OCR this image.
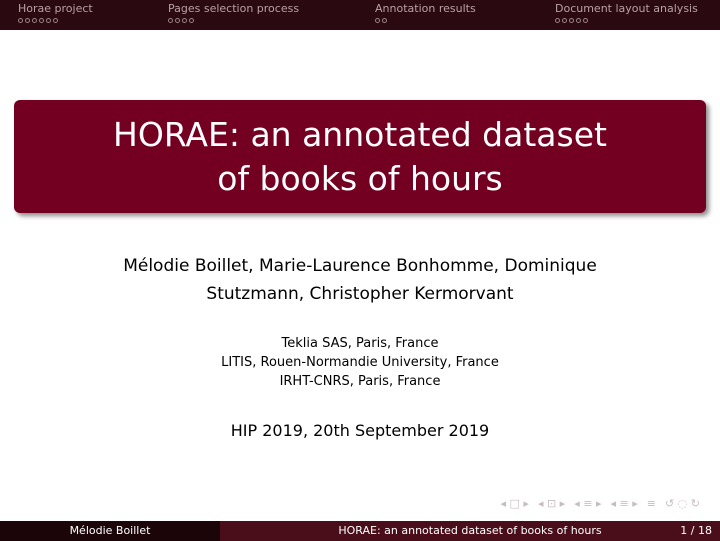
Horae project	Pages selection process	Annotation results	Document layout analysis
HORAE: an annotated dataset
of books of hours
Mélodie Boillet, Marie-Laurence Bonhomme, Dominique
Stutzmann, Christopher Kermorvant
Teklia SAS, Paris, France
LITIS, Rouen-Normandie University, France
IRHT-CNRS, Paris, France
HIP 2019, 20th September 2019
◂ □ ▸ ◂ ⊡ ▸ ◂ ≡ ▸ ◂ ≡ ▸ ≡ ↺ ◌ ↻
Mélodie Boillet	HORAE: an annotated dataset of books of hours	1 / 18
